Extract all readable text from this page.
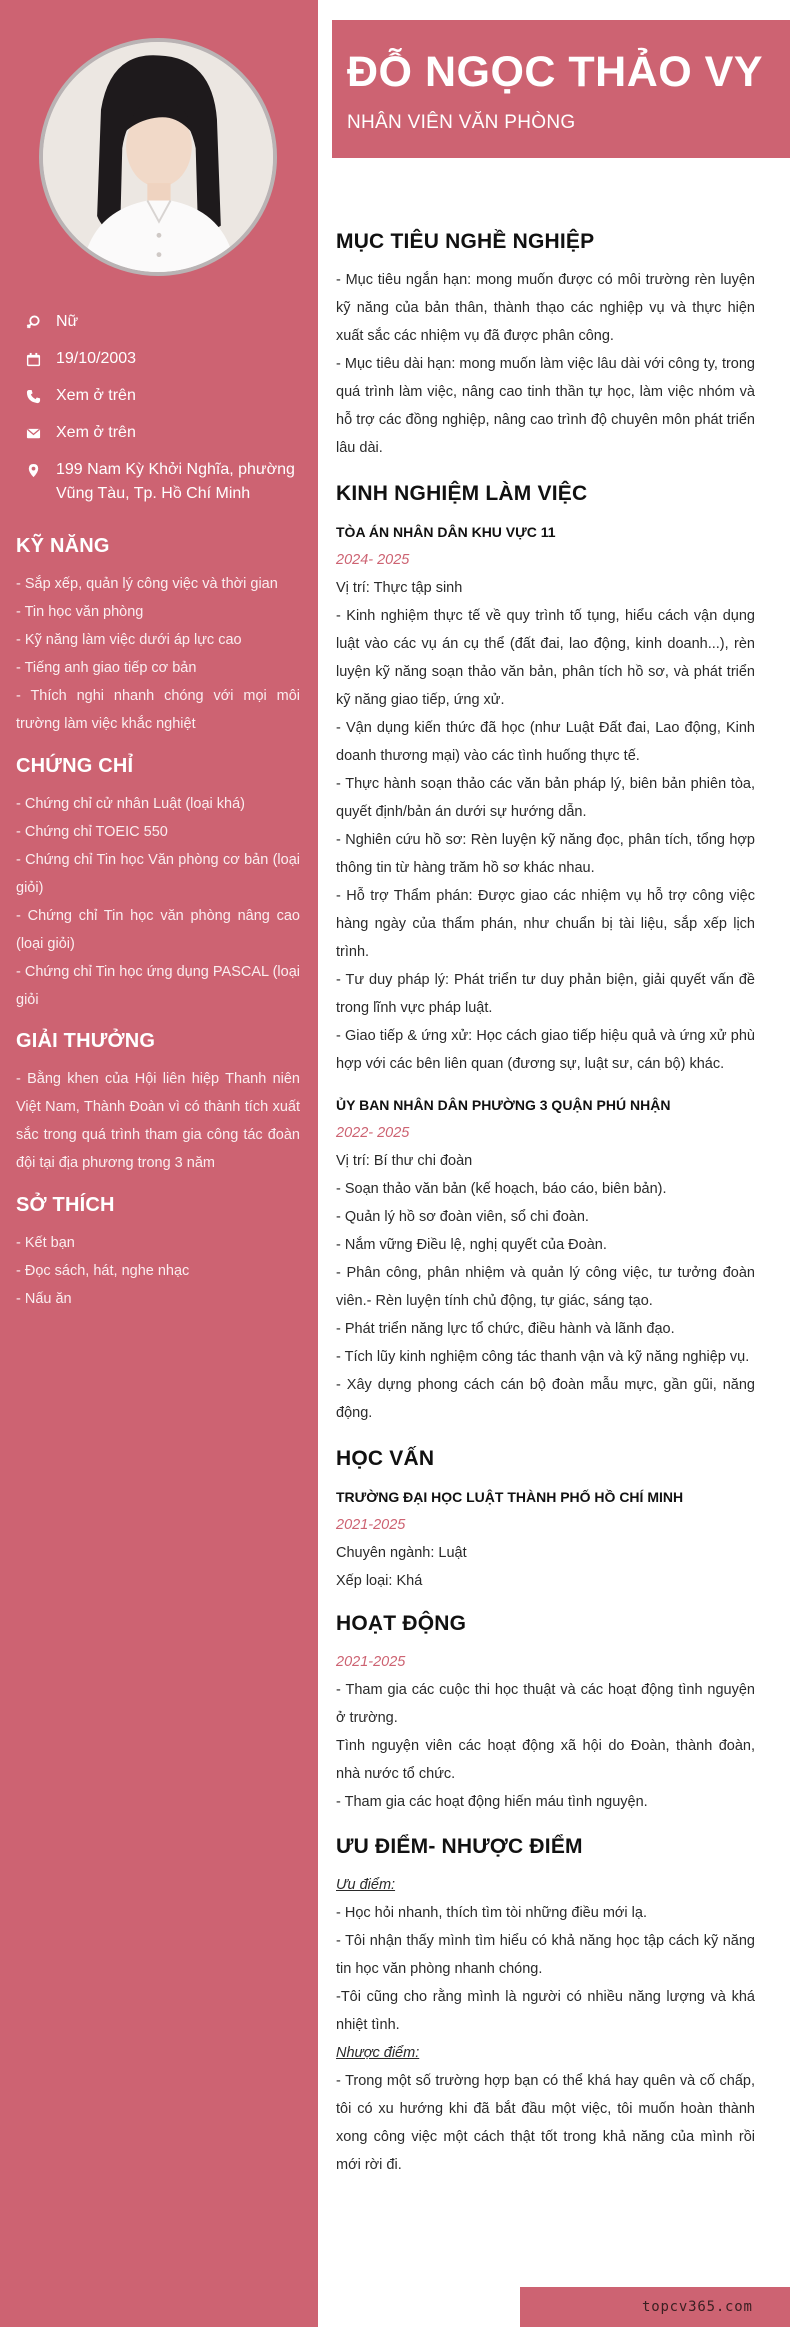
Nữ
19/10/2003
Xem ở trên
Xem ở trên
199 Nam Kỳ Khởi Nghĩa, phường Vũng Tàu, Tp. Hồ Chí Minh
KỸ NĂNG
- Sắp xếp, quản lý công việc và thời gian
- Tin học văn phòng
- Kỹ năng làm việc dưới áp lực cao
- Tiếng anh giao tiếp cơ bản
- Thích nghi nhanh chóng với mọi môi trường làm việc khắc nghiệt
CHỨNG CHỈ
- Chứng chỉ cử nhân Luật (loại khá)
- Chứng chỉ TOEIC 550
- Chứng chỉ Tin học Văn phòng cơ bản (loại giỏi)
- Chứng chỉ Tin học văn phòng nâng cao (loại giỏi)
- Chứng chỉ Tin học ứng dụng PASCAL (loại giỏi
GIẢI THƯỞNG
- Bằng khen của Hội liên hiệp Thanh niên Việt Nam, Thành Đoàn vì có thành tích xuất sắc trong quá trình tham gia công tác đoàn đội tại địa phương trong 3 năm
SỞ THÍCH
- Kết bạn
- Đọc sách, hát, nghe nhạc
- Nấu ăn
ĐỖ NGỌC THẢO VY
NHÂN VIÊN VĂN PHÒNG
MỤC TIÊU NGHỀ NGHIỆP
- Mục tiêu ngắn hạn: mong muốn được có môi trường rèn luyện kỹ năng của bản thân, thành thạo các nghiệp vụ và thực hiện xuất sắc các nhiệm vụ đã được phân công.
- Mục tiêu dài hạn: mong muốn làm việc lâu dài với công ty, trong quá trình làm việc, nâng cao tinh thần tự học, làm việc nhóm và hỗ trợ các đồng nghiệp, nâng cao trình độ chuyên môn phát triển lâu dài.
KINH NGHIỆM LÀM VIỆC
TÒA ÁN NHÂN DÂN KHU VỰC 11
2024- 2025
Vị trí: Thực tập sinh
- Kinh nghiệm thực tế về quy trình tố tụng, hiểu cách vận dụng luật vào các vụ án cụ thể (đất đai, lao động, kinh doanh...), rèn luyện kỹ năng soạn thảo văn bản, phân tích hồ sơ, và phát triển kỹ năng giao tiếp, ứng xử.
- Vận dụng kiến thức đã học (như Luật Đất đai, Lao động, Kinh doanh thương mại) vào các tình huống thực tế.
- Thực hành soạn thảo các văn bản pháp lý, biên bản phiên tòa, quyết định/bản án dưới sự hướng dẫn.
- Nghiên cứu hồ sơ: Rèn luyện kỹ năng đọc, phân tích, tổng hợp thông tin từ hàng trăm hồ sơ khác nhau.
- Hỗ trợ Thẩm phán: Được giao các nhiệm vụ hỗ trợ công việc hàng ngày của thẩm phán, như chuẩn bị tài liệu, sắp xếp lịch trình.
- Tư duy pháp lý: Phát triển tư duy phản biện, giải quyết vấn đề trong lĩnh vực pháp luật.
- Giao tiếp & ứng xử: Học cách giao tiếp hiệu quả và ứng xử phù hợp với các bên liên quan (đương sự, luật sư, cán bộ) khác.
ỦY BAN NHÂN DÂN PHƯỜNG 3 QUẬN PHÚ NHẬN
2022- 2025
Vị trí: Bí thư chi đoàn
- Soạn thảo văn bản (kế hoạch, báo cáo, biên bản).
- Quản lý hồ sơ đoàn viên, sổ chi đoàn.
- Nắm vững Điều lệ, nghị quyết của Đoàn.
- Phân công, phân nhiệm và quản lý công việc, tư tưởng đoàn viên.- Rèn luyện tính chủ động, tự giác, sáng tạo.
- Phát triển năng lực tổ chức, điều hành và lãnh đạo.
- Tích lũy kinh nghiệm công tác thanh vận và kỹ năng nghiệp vụ.
- Xây dựng phong cách cán bộ đoàn mẫu mực, gần gũi, năng động.
HỌC VẤN
TRƯỜNG ĐẠI HỌC LUẬT THÀNH PHỐ HỒ CHÍ MINH
2021-2025
Chuyên ngành: Luật
Xếp loại: Khá
HOẠT ĐỘNG
2021-2025
- Tham gia các cuộc thi học thuật và các hoạt động tình nguyện ở trường.
Tình nguyện viên các hoạt động xã hội do Đoàn, thành đoàn, nhà nước tổ chức.
- Tham gia các hoạt động hiến máu tình nguyện.
ƯU ĐIỂM- NHƯỢC ĐIỂM
Ưu điểm:
- Học hỏi nhanh, thích tìm tòi những điều mới lạ.
- Tôi nhận thấy mình tìm hiểu có khả năng học tập cách kỹ năng tin học văn phòng nhanh chóng.
-Tôi cũng cho rằng mình là người có nhiều năng lượng và khá nhiệt tình.
Nhược điểm:
- Trong một số trường hợp bạn có thể khá hay quên và cố chấp, tôi có xu hướng khi đã bắt đầu một việc, tôi muốn hoàn thành xong công việc một cách thật tốt trong khả năng của mình rồi mới rời đi.
topcv365.com
